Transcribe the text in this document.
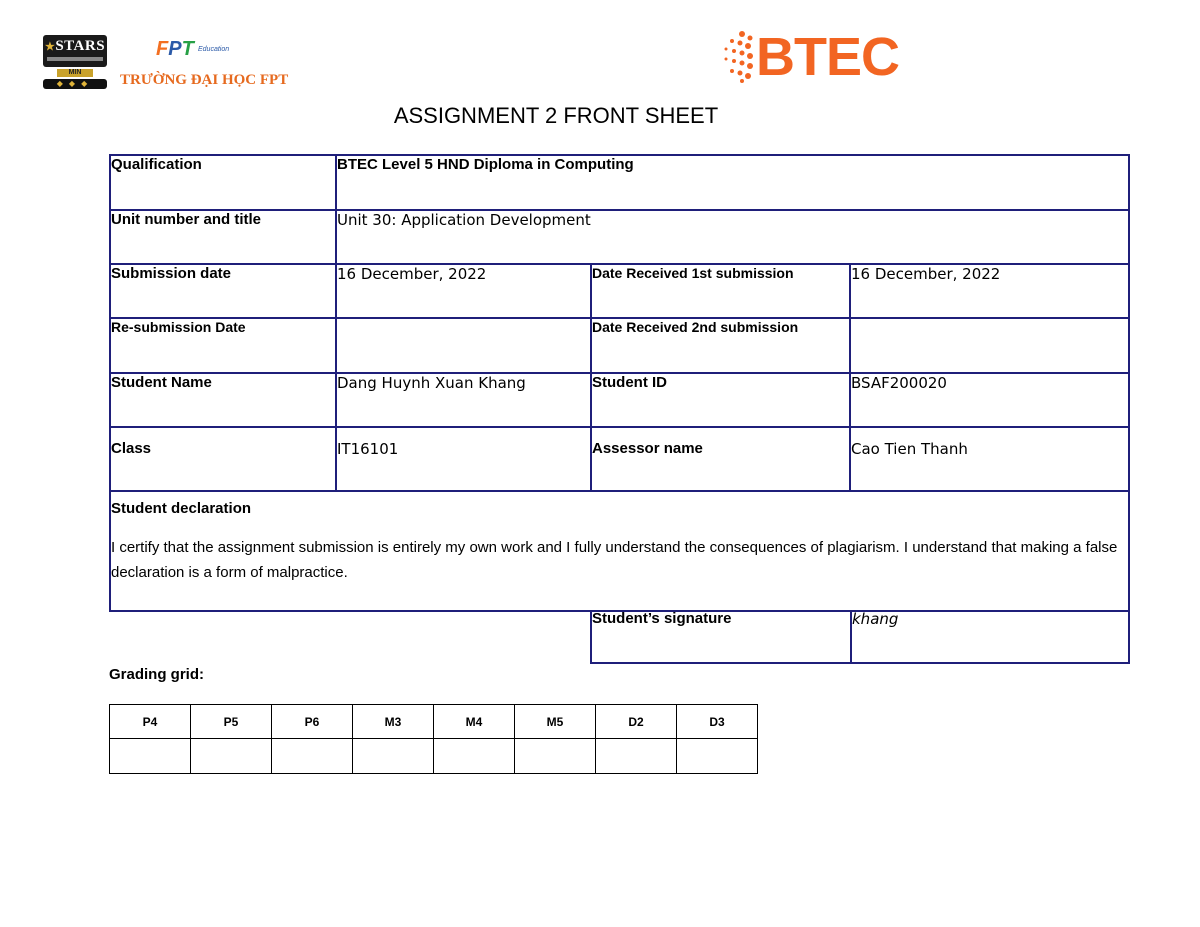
★STARS
MIN
◆◆◆
FPT Education
TRƯỜNG ĐẠI HỌC FPT	BTEC
ASSIGNMENT 2 FRONT SHEET
Qualification	BTEC Level 5 HND Diploma in Computing		
Unit number and title	Unit 30: Application Development		
Submission date	16 December, 2022	Date Received 1st submission	16 December, 2022
Re-submission Date		Date Received 2nd submission	
Student Name	Dang Huynh Xuan Khang	Student ID	BSAF200020
Class	IT16101	Assessor name	Cao Tien Thanh

Student declaration
I certify that the assignment submission is entirely my own work and I fully understand the consequences of plagiarism. I understand that making a false declaration is a form of malpractice.			
Student’s signature	khang
Grading grid:
P4	P5	P6	M3	M4	M5	D2	D3
